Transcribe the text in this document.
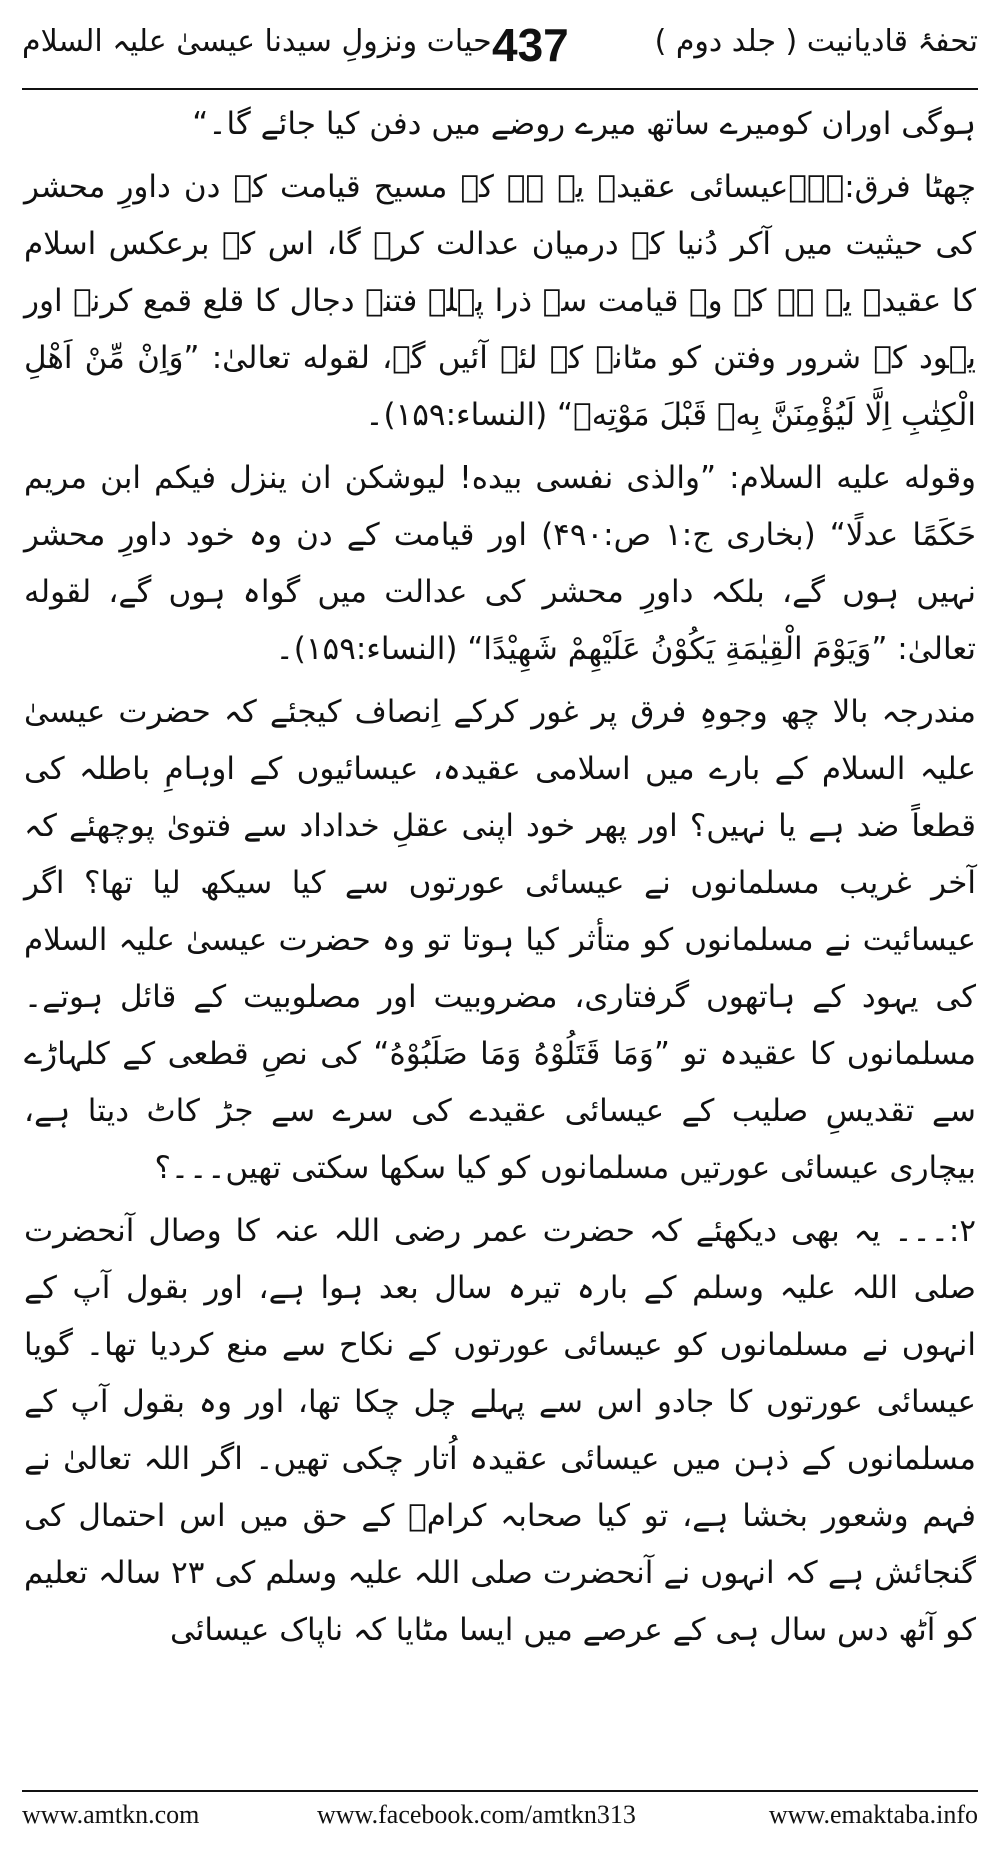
حیات ونزولِ سیدنا عیسیٰ علیہ السلام 437	تحفۂ قادیانیت ( جلد دوم )

ہوگی اوران کومیرے ساتھ میرے روضے میں دفن کیا جائے گا۔“

چھٹا فرق:۔۔۔عیسائی عقیدہ یہ ہے کہ مسیح قیامت کے دن داورِ محشر کی حیثیت میں آکر دُنیا کے درمیان عدالت کرے گا، اس کے برعکس اسلام کا عقیدہ یہ ہے کہ وہ قیامت سے ذرا پہلے فتنۂ دجال کا قلع قمع کرنے اور یہود کے شرور وفتن کو مٹانے کے لئے آئیں گے، لقوله تعالیٰ: ”وَاِنْ مِّنْ اَهْلِ الْكِتٰبِ اِلَّا لَيُؤْمِنَنَّ بِهٖ قَبْلَ مَوْتِهٖ“ (النساء:۱۵۹)۔

وقوله علیه السلام: ”والذی نفسی بیده! لیوشکن ان ینزل فیکم ابن مریم حَکَمًا عدلًا“ (بخاری ج:۱ ص:۴۹۰) اور قیامت کے دن وہ خود داورِ محشر نہیں ہوں گے، بلکہ داورِ محشر کی عدالت میں گواہ ہوں گے، لقوله تعالیٰ: ”وَيَوْمَ الْقِيٰمَةِ يَكُوْنُ عَلَيْهِمْ شَهِيْدًا“ (النساء:۱۵۹)۔

مندرجہ بالا چھ وجوہِ فرق پر غور کرکے اِنصاف کیجئے کہ حضرت عیسیٰ علیہ السلام کے بارے میں اسلامی عقیدہ، عیسائیوں کے اوہامِ باطلہ کی قطعاً ضد ہے یا نہیں؟ اور پھر خود اپنی عقلِ خداداد سے فتویٰ پوچھئے کہ آخر غریب مسلمانوں نے عیسائی عورتوں سے کیا سیکھ لیا تھا؟ اگر عیسائیت نے مسلمانوں کو متأثر کیا ہوتا تو وہ حضرت عیسیٰ علیہ السلام کی یہود کے ہاتھوں گرفتاری، مضروبیت اور مصلوبیت کے قائل ہوتے۔ مسلمانوں کا عقیدہ تو ”وَمَا قَتَلُوْهُ وَمَا صَلَبُوْهُ“ کی نصِ قطعی کے کلہاڑے سے تقدیسِ صلیب کے عیسائی عقیدے کی سرے سے جڑ کاٹ دیتا ہے، بیچاری عیسائی عورتیں مسلمانوں کو کیا سکھا سکتی تھیں۔۔۔؟

۲:۔۔۔ یہ بھی دیکھئے کہ حضرت عمر رضی اللہ عنہ کا وصال آنحضرت صلی اللہ علیہ وسلم کے بارہ تیرہ سال بعد ہوا ہے، اور بقول آپ کے انہوں نے مسلمانوں کو عیسائی عورتوں کے نکاح سے منع کردیا تھا۔ گویا عیسائی عورتوں کا جادو اس سے پہلے چل چکا تھا، اور وہ بقول آپ کے مسلمانوں کے ذہن میں عیسائی عقیدہ اُتار چکی تھیں۔ اگر اللہ تعالیٰ نے فہم وشعور بخشا ہے، تو کیا صحابہ کرامؓ کے حق میں اس احتمال کی گنجائش ہے کہ انہوں نے آنحضرت صلی اللہ علیہ وسلم کی ۲۳ سالہ تعلیم کو آٹھ دس سال ہی کے عرصے میں ایسا مٹایا کہ ناپاک عیسائی

www.amtkn.com	www.facebook.com/amtkn313	www.emaktaba.info
